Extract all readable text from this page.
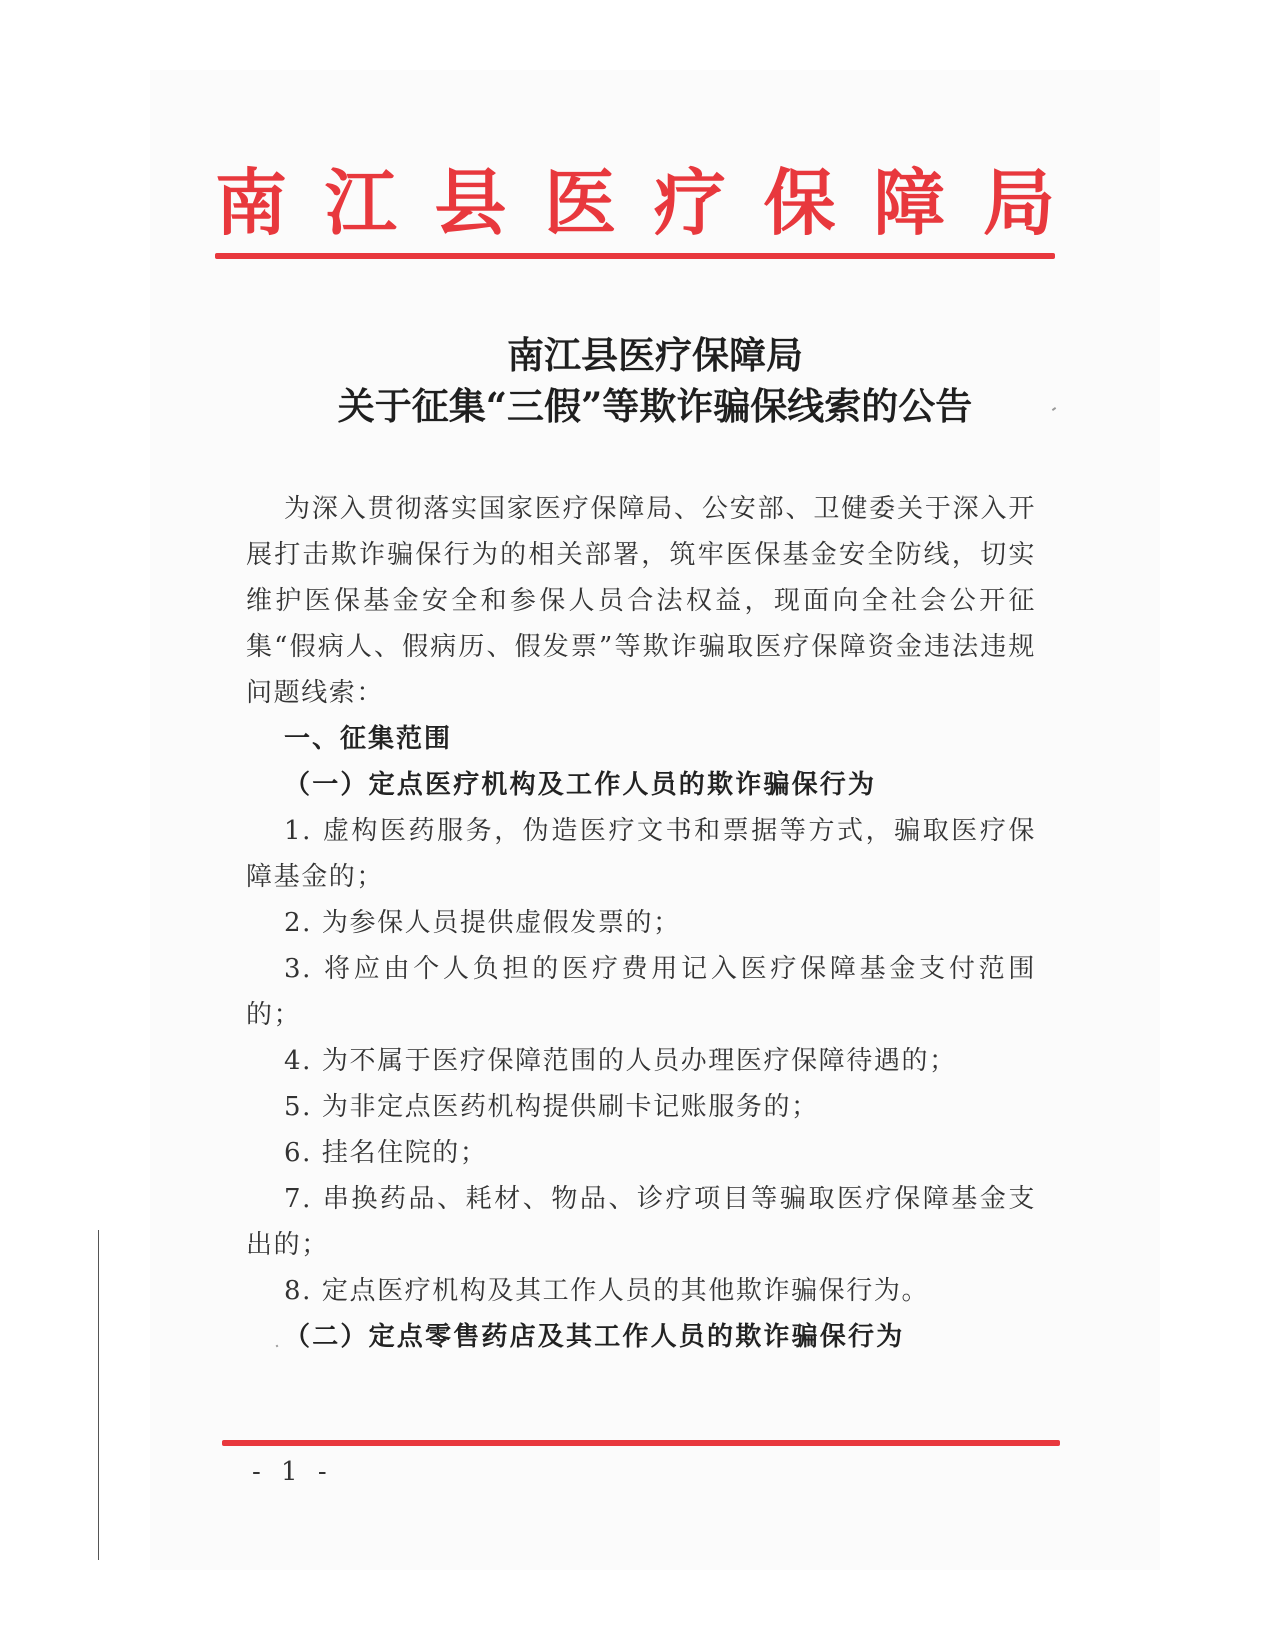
南 江 县 医 疗 保 障 局
南江县医疗保障局
关于征集“三假”等欺诈骗保线索的公告

为深入贯彻落实国家医疗保障局、公安部、卫健委关于深入开展打击欺诈骗保行为的相关部署，筑牢医保基金安全防线，切实维护医保基金安全和参保人员合法权益，现面向全社会公开征集“假病人、假病历、假发票”等欺诈骗取医疗保障资金违法违规问题线索：

一、征集范围

（一）定点医疗机构及工作人员的欺诈骗保行为

1. 虚构医药服务，伪造医疗文书和票据等方式，骗取医疗保障基金的；

2. 为参保人员提供虚假发票的；

3. 将应由个人负担的医疗费用记入医疗保障基金支付范围的；

4. 为不属于医疗保障范围的人员办理医疗保障待遇的；

5. 为非定点医药机构提供刷卡记账服务的；

6. 挂名住院的；

7. 串换药品、耗材、物品、诊疗项目等骗取医疗保障基金支出的；

8. 定点医疗机构及其工作人员的其他欺诈骗保行为。

（二）定点零售药店及其工作人员的欺诈骗保行为

- 1 -
